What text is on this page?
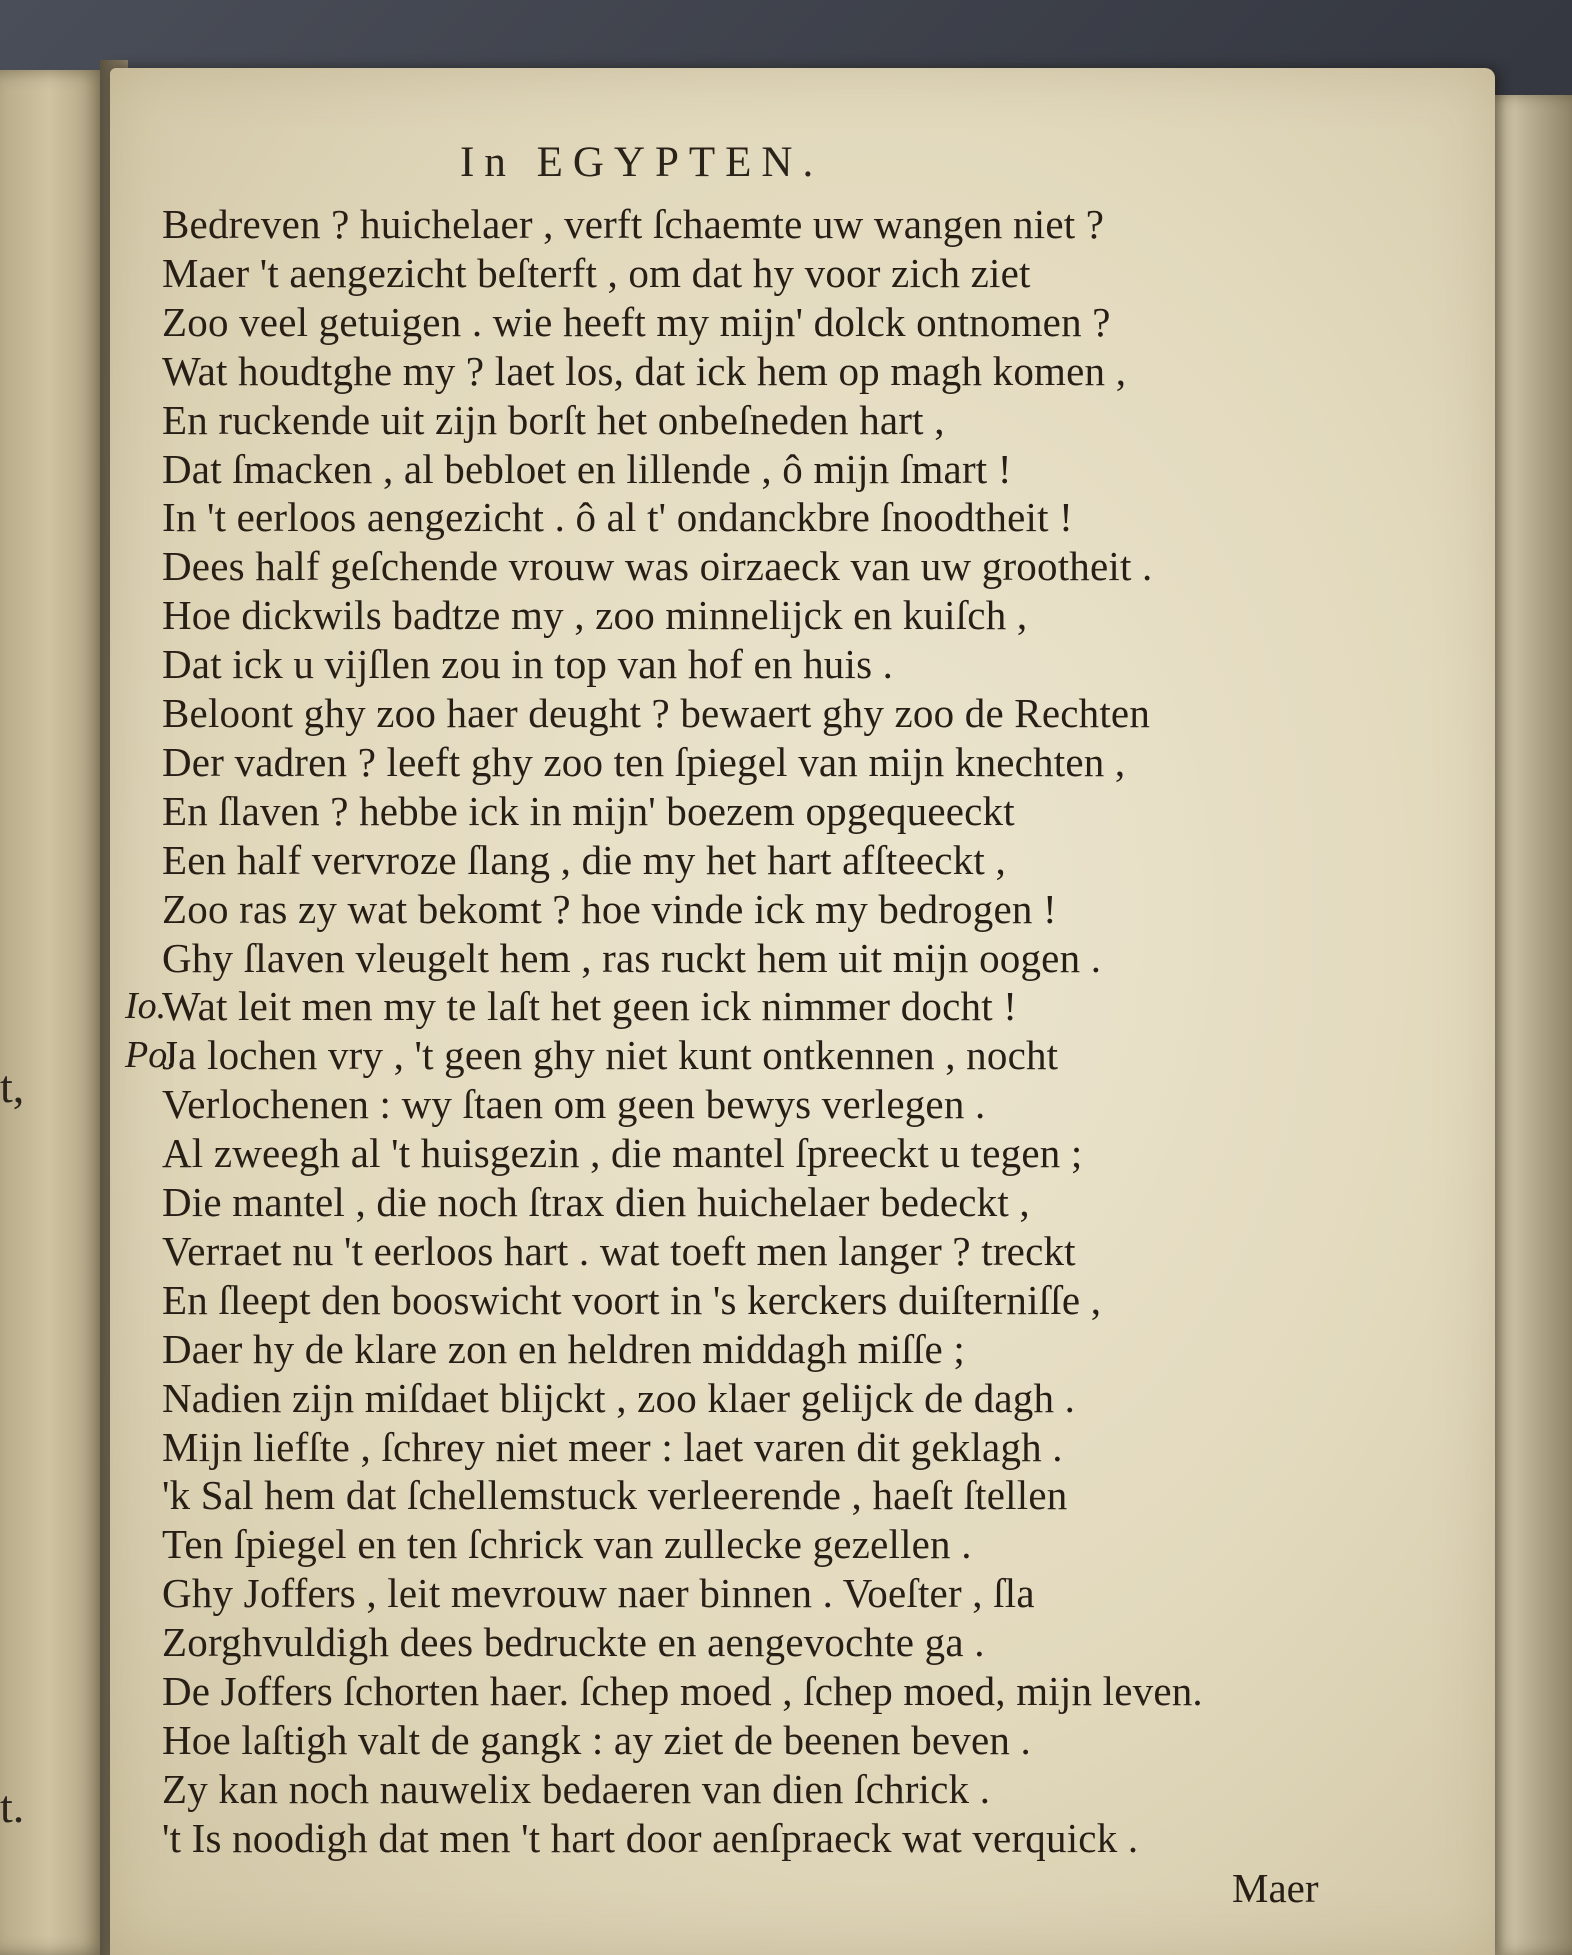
t,
t.
In EGYPTEN.
Bedreven ? huichelaer , verft ſchaemte uw wangen niet ?
Maer 't aengezicht beſterft , om dat hy voor zich ziet
Zoo veel getuigen . wie heeft my mijn' dolck ontnomen ?
Wat houdtghe my ? laet los, dat ick hem op magh komen ,
En ruckende uit zijn borſt het onbeſneden hart ,
Dat ſmacken , al bebloet en lillende , ô mijn ſmart !
In 't eerloos aengezicht . ô al t' ondanckbre ſnoodtheit !
Dees half geſchende vrouw was oirzaeck van uw grootheit .
Hoe dickwils badtze my , zoo minnelijck en kuiſch ,
Dat ick u vijſlen zou in top van hof en huis .
Beloont ghy zoo haer deught ? bewaert ghy zoo de Rechten
Der vadren ? leeft ghy zoo ten ſpiegel van mijn knechten ,
En ſlaven ? hebbe ick in mijn' boezem opgequeeckt
Een half vervroze ſlang , die my het hart afſteeckt ,
Zoo ras zy wat bekomt ? hoe vinde ick my bedrogen !
Ghy ſlaven vleugelt hem , ras ruckt hem uit mijn oogen .
Io.
Wat leit men my te laſt het geen ick nimmer docht !
Po.
Ja lochen vry , 't geen ghy niet kunt ontkennen , nocht
Verlochenen : wy ſtaen om geen bewys verlegen .
Al zweegh al 't huisgezin , die mantel ſpreeckt u tegen ;
Die mantel , die noch ſtrax dien huichelaer bedeckt ,
Verraet nu 't eerloos hart . wat toeft men langer ? treckt
En ſleept den booswicht voort in 's kerckers duiſterniſſe ,
Daer hy de klare zon en heldren middagh miſſe ;
Nadien zijn miſdaet blijckt , zoo klaer gelijck de dagh .
Mijn liefſte , ſchrey niet meer : laet varen dit geklagh .
'k Sal hem dat ſchellemstuck verleerende , haeſt ſtellen
Ten ſpiegel en ten ſchrick van zullecke gezellen .
Ghy Joffers , leit mevrouw naer binnen . Voeſter , ſla
Zorghvuldigh dees bedruckte en aengevochte ga .
De Joffers ſchorten haer. ſchep moed , ſchep moed, mijn leven.
Hoe laſtigh valt de gangk : ay ziet de beenen beven .
Zy kan noch nauwelix bedaeren van dien ſchrick .
't Is noodigh dat men 't hart door aenſpraeck wat verquick .
Maer
